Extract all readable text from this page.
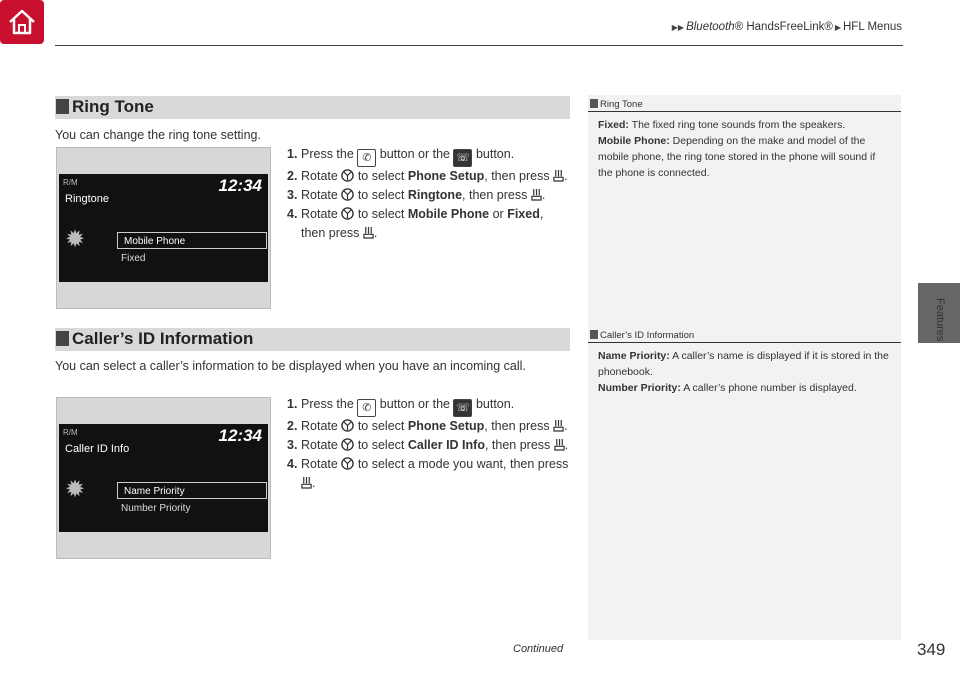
▶▶ Bluetooth® HandsFreeLink® ▶ HFL Menus
Features
Ring Tone
You can change the ring tone setting.
1. Press the ✆ button or the ☏ button.
2. Rotate to select Phone Setup, then press .
3. Rotate to select Ringtone, then press .
4. Rotate to select Mobile Phone or Fixed, then press .
R/M	12:34
Ringtone
✹	Mobile Phone
Fixed
Caller’s ID Information
You can select a caller’s information to be displayed when you have an incoming call.
1. Press the ✆ button or the ☏ button.
2. Rotate to select Phone Setup, then press .
3. Rotate to select Caller ID Info, then press .
4. Rotate to select a mode you want, then press .
R/M	12:34
Caller ID Info
✹	Name Priority
Number Priority
Ring Tone
Fixed: The fixed ring tone sounds from the speakers.
Mobile Phone: Depending on the make and model of the mobile phone, the ring tone stored in the phone will sound if the phone is connected.
Caller’s ID Information
Name Priority: A caller’s name is displayed if it is stored in the phonebook.
Number Priority: A caller’s phone number is displayed.
Continued	349
